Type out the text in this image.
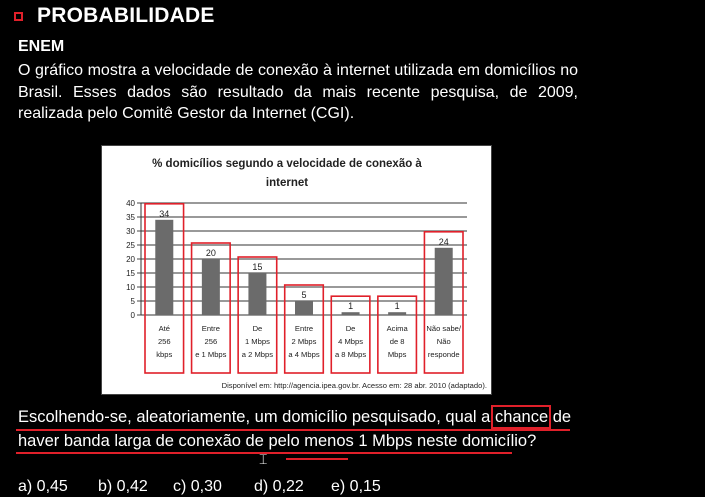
PROBABILIDADE
ENEM
O gráfico mostra a velocidade de conexão à internet utilizada em domicílios no
Brasil. Esses dados são resultado da mais recente pesquisa, de 2009,
realizada pelo Comitê Gestor da Internet (CGI).
% domicílios segundo a velocidade de conexão à
internet
0
5
10
15
20
25
30
35
40
34
20
15
5
1	1
24
Até
256
kbps
Entre
256
e 1 Mbps
De
1 Mbps
a 2 Mbps
Entre
2 Mbps
a 4 Mbps
De
4 Mbps
a 8 Mbps
Acima
de 8
Mbps
Não sabe/
Não
responde
Disponível em: http://agencia.ipea.gov.br. Acesso em: 28 abr. 2010 (adaptado).
Escolhendo-se, aleatoriamente, um domicílio pesquisado, qual a chance de
haver banda larga de conexão de pelo menos 1 Mbps neste domicílio?
⌶
a) 0,45 b) 0,42 c) 0,30 d) 0,22 e) 0,15
